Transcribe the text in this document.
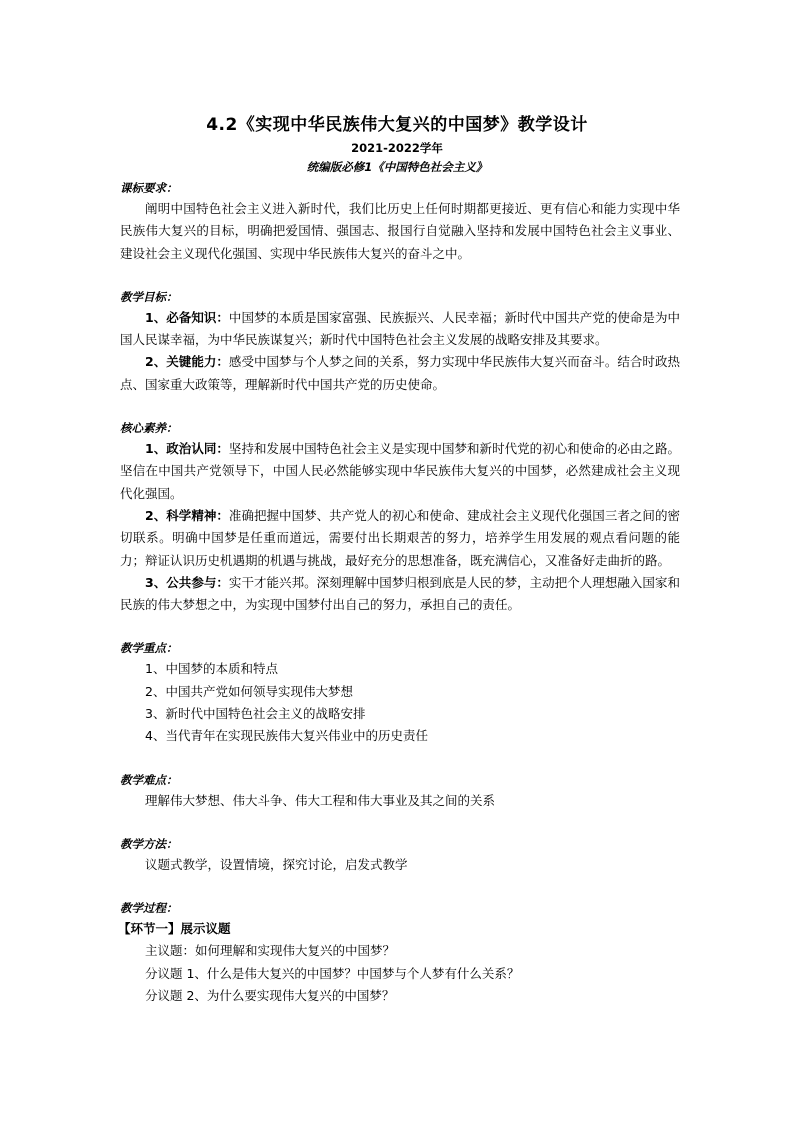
4.2《实现中华民族伟大复兴的中国梦》教学设计
2021-2022学年
统编版必修1《中国特色社会主义》
课标要求：

阐明中国特色社会主义进入新时代，我们比历史上任何时期都更接近、更有信心和能力实现中华民族伟大复兴的目标，明确把爱国情、强国志、报国行自觉融入坚持和发展中国特色社会主义事业、建设社会主义现代化强国、实现中华民族伟大复兴的奋斗之中。

教学目标：

1、必备知识：中国梦的本质是国家富强、民族振兴、人民幸福；新时代中国共产党的使命是为中国人民谋幸福，为中华民族谋复兴；新时代中国特色社会主义发展的战略安排及其要求。

2、关键能力：感受中国梦与个人梦之间的关系，努力实现中华民族伟大复兴而奋斗。结合时政热点、国家重大政策等，理解新时代中国共产党的历史使命。

核心素养：

1、政治认同：坚持和发展中国特色社会主义是实现中国梦和新时代党的初心和使命的必由之路。坚信在中国共产党领导下，中国人民必然能够实现中华民族伟大复兴的中国梦，必然建成社会主义现代化强国。

2、科学精神：准确把握中国梦、共产党人的初心和使命、建成社会主义现代化强国三者之间的密切联系。明确中国梦是任重而道远，需要付出长期艰苦的努力，培养学生用发展的观点看问题的能力；辩证认识历史机遇期的机遇与挑战，最好充分的思想准备，既充满信心，又准备好走曲折的路。

3、公共参与：实干才能兴邦。深刻理解中国梦归根到底是人民的梦，主动把个人理想融入国家和民族的伟大梦想之中，为实现中国梦付出自己的努力，承担自己的责任。

教学重点：
1、中国梦的本质和特点
2、中国共产党如何领导实现伟大梦想
3、新时代中国特色社会主义的战略安排
4、当代青年在实现民族伟大复兴伟业中的历史责任
教学难点：
理解伟大梦想、伟大斗争、伟大工程和伟大事业及其之间的关系
教学方法：
议题式教学，设置情境，探究讨论，启发式教学
教学过程：
【环节一】展示议题
主议题：如何理解和实现伟大复兴的中国梦？
分议题 1、什么是伟大复兴的中国梦？中国梦与个人梦有什么关系？
分议题 2、为什么要实现伟大复兴的中国梦？
